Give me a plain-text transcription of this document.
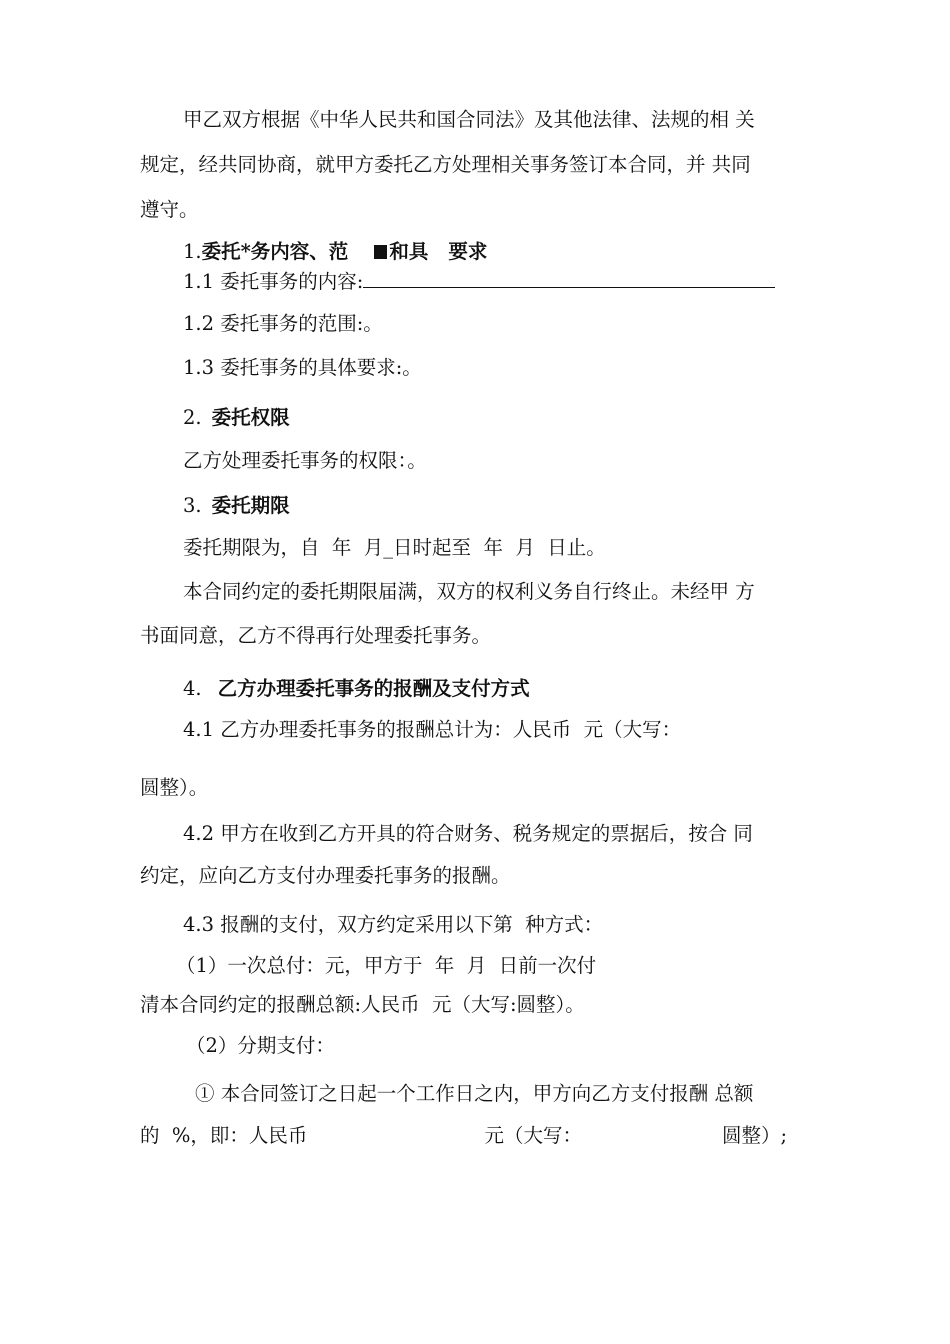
甲乙双方根据《中华人民共和国合同法》及其他法律、法规的相 关
规定，经共同协商，就甲方委托乙方处理相关事务签订本合同，并 共同
遵守。
1.委托*务内容、范 和具 要求
1.1 委托事务的内容:
1.2 委托事务的范围:。
1.3 委托事务的具体要求:。
2. 委托权限
乙方处理委托事务的权限：。
3. 委托期限
委托期限为，自  年  月_日时起至  年  月  日止。
本合同约定的委托期限届满，双方的权利义务自行终止。未经甲 方
书面同意，乙方不得再行处理委托事务。
4. 乙方办理委托事务的报酬及支付方式
4.1 乙方办理委托事务的报酬总计为：人民币  元（大写：
圆整）。
4.2 甲方在收到乙方开具的符合财务、税务规定的票据后，按合 同
约定，应向乙方支付办理委托事务的报酬。
4.3 报酬的支付，双方约定采用以下第  种方式：
（1）一次总付：元，甲方于  年  月  日前一次付
清本合同约定的报酬总额:人民币  元（大写:圆整）。
（2）分期支付：
① 本合同签订之日起一个工作日之内，甲方向乙方支付报酬 总额
的  %，即：人民币	元（大写：	圆整）;
